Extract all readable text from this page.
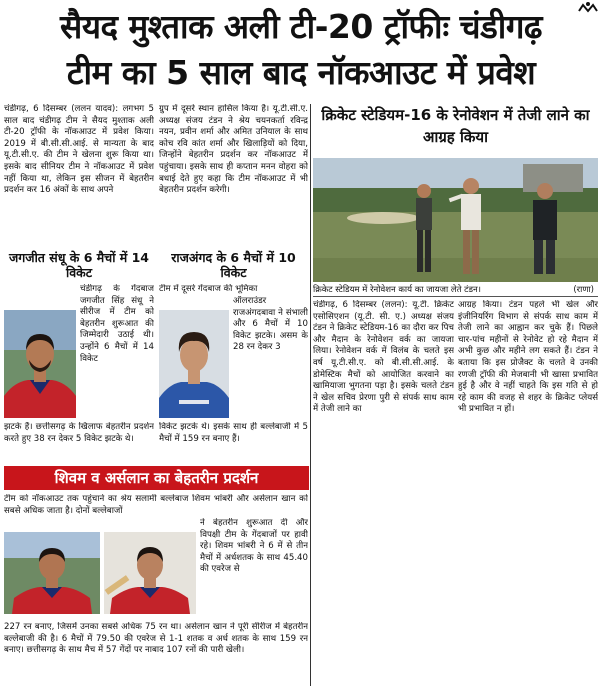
सैयद मुश्ताक अली टी-20 ट्रॉफीः चंडीगढ़
टीम का 5 साल बाद नॉकआउट में प्रवेश
चंडीगढ़, 6 दिसम्बर (ललन यादव): लगभग 5 साल बाद चंडीगढ़ टीम ने सैयद मुश्ताक अली टी-20 ट्रॉफी के नॉकआउट में प्रवेश किया। 2019 में बी.सी.सी.आई. से मान्यता के बाद यू.टी.सी.ए. की टीम ने खेलना शुरू किया था। इसके बाद सीनियर टीम ने नॉकआउट में प्रवेश नहीं किया था, लेकिन इस सीजन में बेहतरीन प्रदर्शन कर 16 अंकों के साथ अपने
ग्रुप में दूसरे स्थान हासिल किया है। यू.टी.सी.ए. अध्यक्ष संजय टंडन ने श्रेय चयनकर्ता रविन्द्र नयन, प्रवीन शर्मा और अमित उनियाल के साथ कोच रवि कांत शर्मा और खिलाड़ियों को दिया, जिन्होंने बेहतरीन प्रदर्शन कर नॉकआउट में पहुंचाया। इसके साथ ही कप्तान मनन वोहरा को बधाई देते हुए कहा कि टीम नॉकआउट में भी बेहतरीन प्रदर्शन करेगी।
जगजीत संधू के 6 मैचों में 14 विकेट
चंडीगढ़ के गेंदबाज जगजीत सिंह संधू ने सीरीज में टीम को बेहतरीन शुरूआत की जिम्मेदारी उठाई थी। उन्होंने 6 मैचों में 14 विकेट
झटके हैं। छत्तीसगढ़ के खिलाफ बेहतरीन प्रदर्शन करते हुए 38 रन देकर 5 विकेट झटके थे।
राजअंगद के 6 मैचों में 10 विकेट
टीम में दूसरे गेंदबाज की भूमिका
ऑलराउंडर राजअंगदबावा ने संभाली और 6 मैचों में 10 विकेट झटके। असम के 28 रन देकर 3
विकेट झटके थे। इसके साथ ही बल्लेबाजी में 5 मैचों में 159 रन बनाए हैं।
शिवम व अर्सलान का बेहतरीन प्रदर्शन
टीम को नॉकआउट तक पहुंचाने का श्रेय सलामी बल्लेबाज शिवम भांबरी और अर्सलान खान को सबसे अधिक जाता है। दोनों बल्लेबाजों
ने बेहतरीन शुरूआत दी और विपक्षी टीम के गेंदबाजों पर हावी रहे। शिवम भांबरी ने 6 में से तीन मैचों में अर्धशतक के साथ 45.40 की एवरेज से
227 रन बनाए, जिसमें उनका सबसे अधिक 75 रन था। अर्सलान खान ने पूरी सीरीज में बेहतरीन बल्लेबाजी की है। 6 मैचों में 79.50 की एवरेज से 1-1 शतक व अर्ध शतक के साथ 159 रन बनाए। छत्तीसगढ़ के साथ मैच में 57 गेंदों पर नाबाद 107 रनों की पारी खेली।
क्रिकेट स्टेडियम-16 के रेनोवेशन में तेजी लाने का आग्रह किया
क्रिकेट स्टेडियम में रेनोवेशन कार्य का जायजा लेते टंडन।	(राणा)
चंडीगढ़, 6 दिसम्बर (ललन): यू.टी. क्रिकेट एसोसिएशन (यू.टी. सी. ए.) अध्यक्ष संजय टंडन ने क्रिकेट स्टेडियम-16 का दौरा कर पिच और मैदान के रेनोवेशन वर्क का जायजा लिया। रेनोवेशन वर्क में विलंब के चलते इस वर्ष यू.टी.सी.ए. को बी.सी.सी.आई. के डोमेस्टिक मैचों को आयोजित करवाने का खामियाजा भुगतना पड़ा है। इसके चलते टंडन ने खेल सचिव प्रेरणा पुरी से संपर्क साध काम में तेजी लाने का
आग्रह किया। टंडन पहले भी खेल और इंजीनियरिंग विभाग से संपर्क साध काम में तेजी लाने का आह्वान कर चुके हैं। पिछले चार-पांच महीनों से रेनोवेट हो रहे मैदान में अभी कुछ और महीने लग सकते हैं। टंडन ने बताया कि इस प्रोजैक्ट के चलते वे उनकी रणजी ट्रॉफी की मेजबानी भी खासा प्रभावित हुई है और वे नहीं चाहते कि इस गति से हो रहे काम की वजह से शहर के क्रिकेट प्लेयर्स भी प्रभावित न हों।
